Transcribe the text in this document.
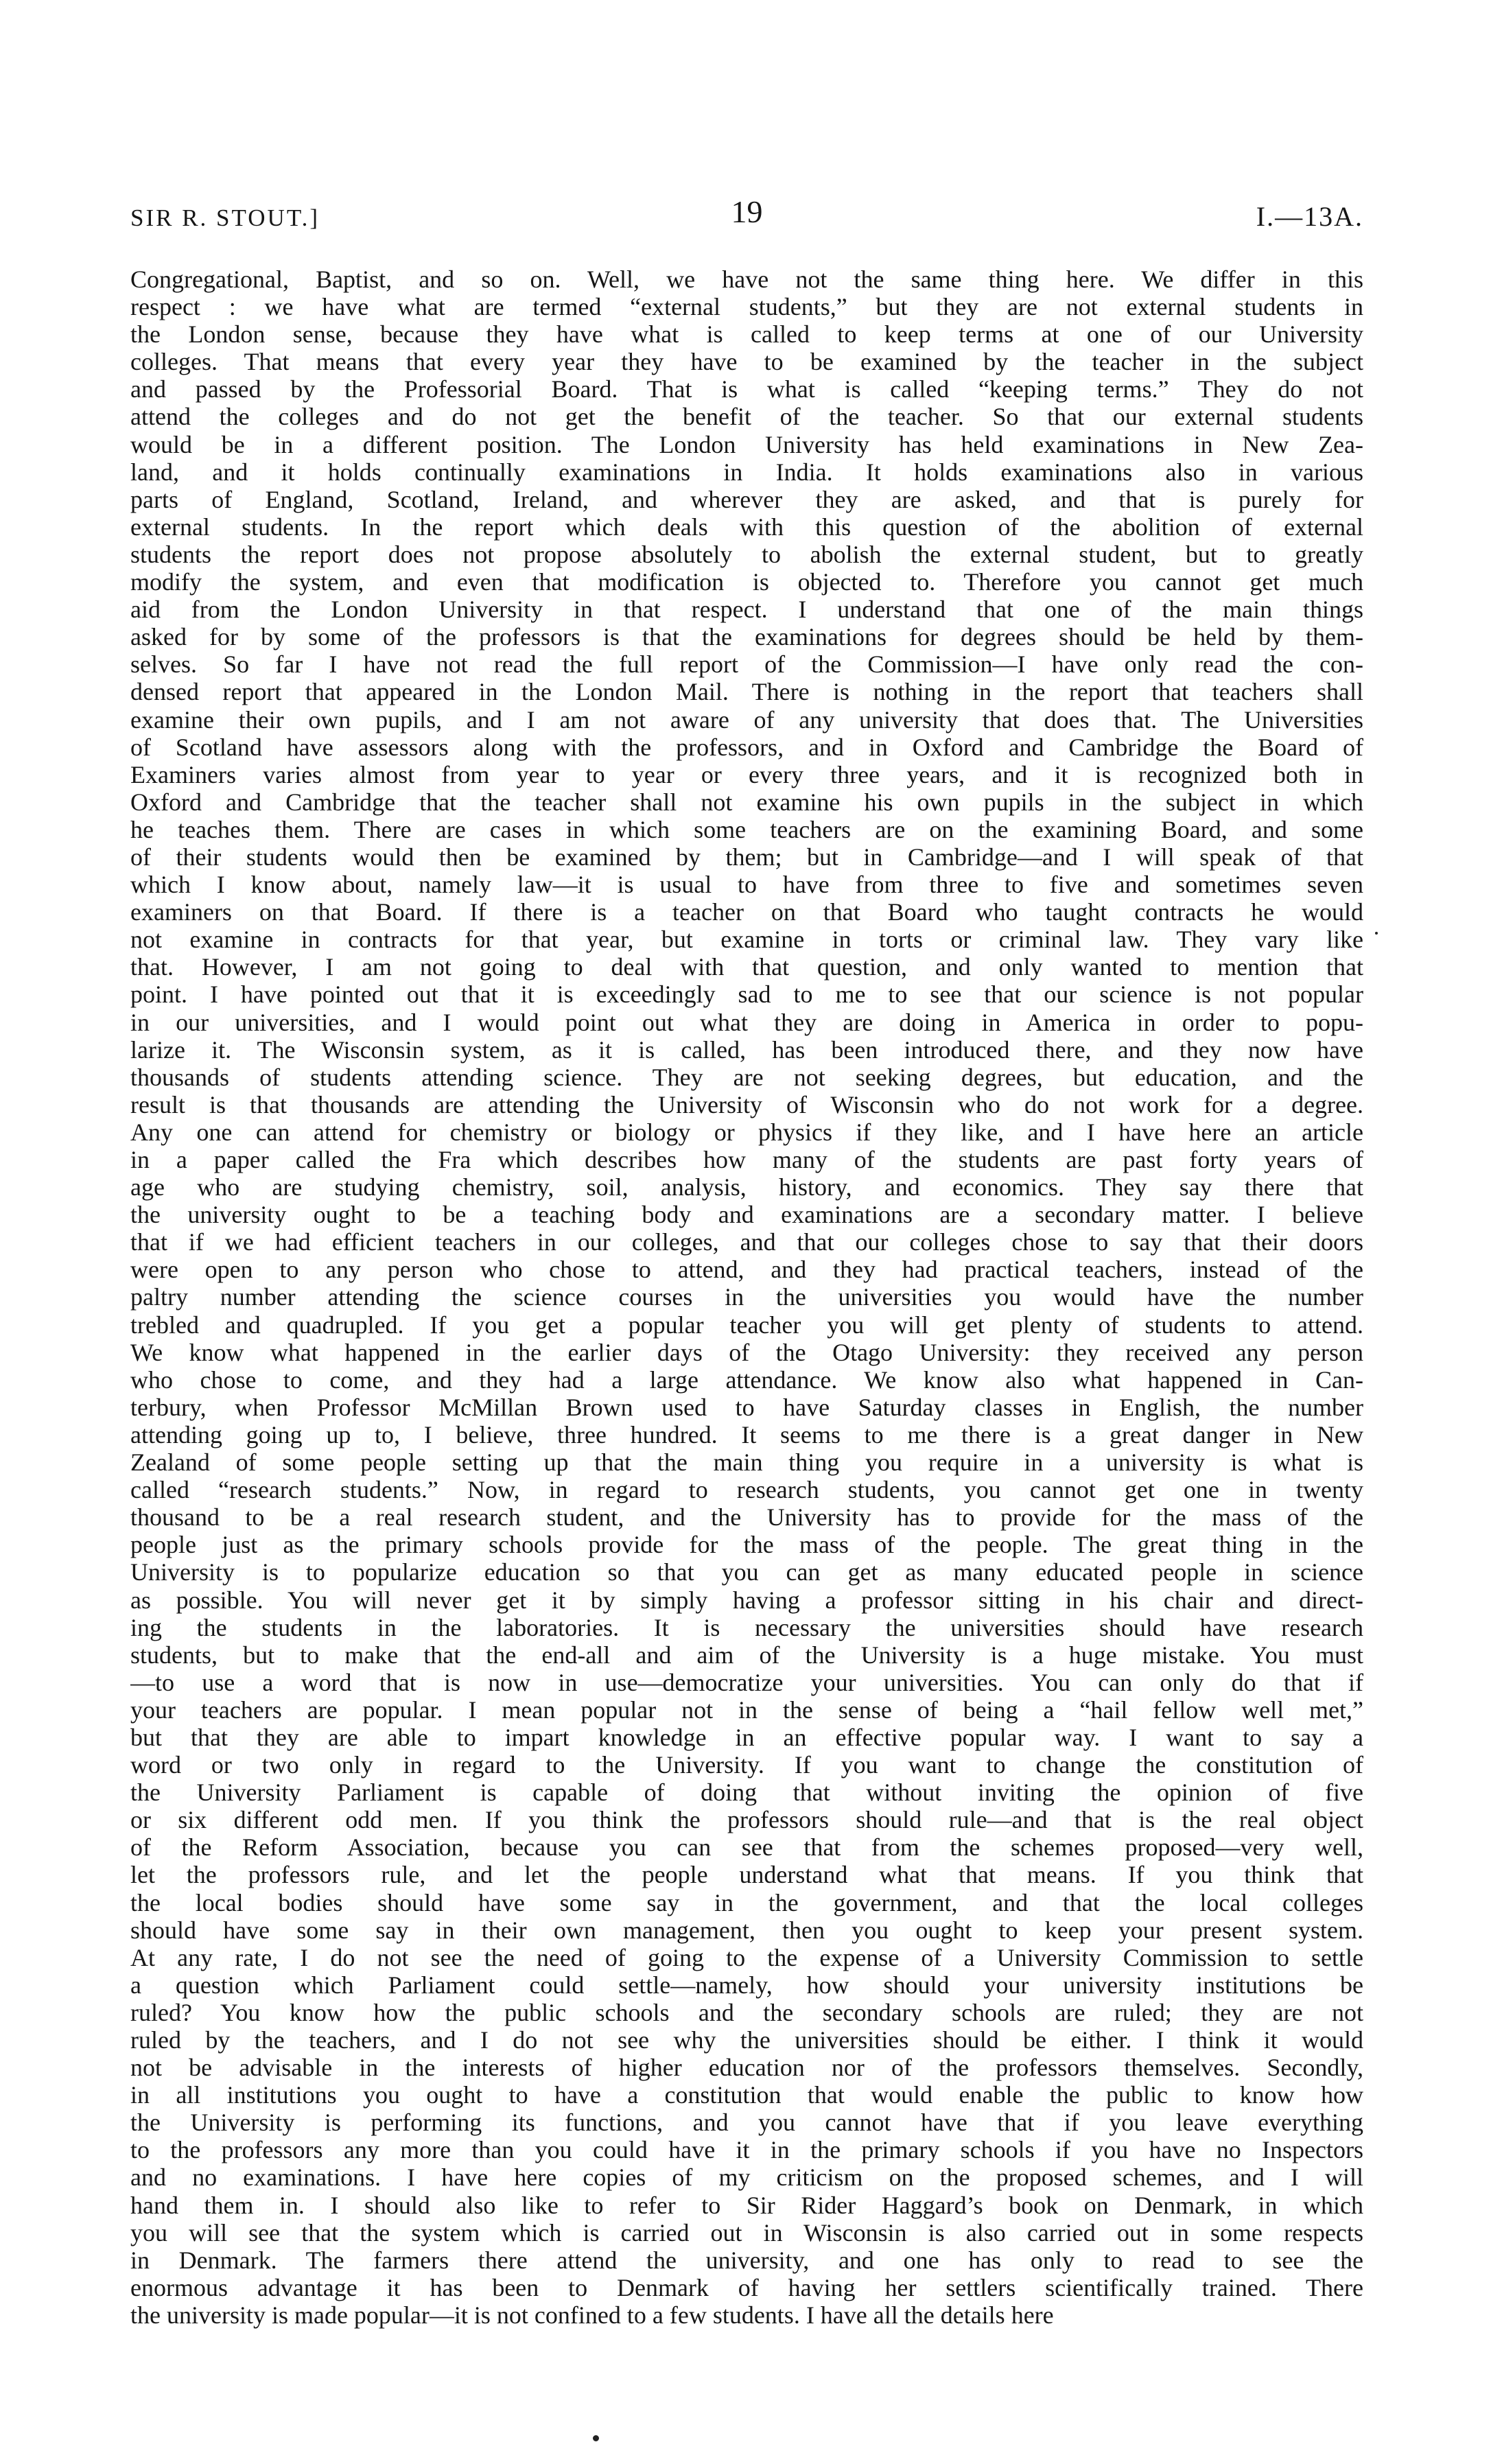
SIR R. STOUT.]	19	I.—13A.
Congregational, Baptist, and so on. Well, we have not the same thing here. We differ in this
respect : we have what are termed “external students,” but they are not external students in
the London sense, because they have what is called to keep terms at one of our University
colleges. That means that every year they have to be examined by the teacher in the subject
and passed by the Professorial Board. That is what is called “keeping terms.” They do not
attend the colleges and do not get the benefit of the teacher. So that our external students
would be in a different position. The London University has held examinations in New Zea-
land, and it holds continually examinations in India. It holds examinations also in various
parts of England, Scotland, Ireland, and wherever they are asked, and that is purely for
external students. In the report which deals with this question of the abolition of external
students the report does not propose absolutely to abolish the external student, but to greatly
modify the system, and even that modification is objected to. Therefore you cannot get much
aid from the London University in that respect. I understand that one of the main things
asked for by some of the professors is that the examinations for degrees should be held by them-
selves. So far I have not read the full report of the Commission—I have only read the con-
densed report that appeared in the London Mail. There is nothing in the report that teachers shall
examine their own pupils, and I am not aware of any university that does that. The Universities
of Scotland have assessors along with the professors, and in Oxford and Cambridge the Board of
Examiners varies almost from year to year or every three years, and it is recognized both in
Oxford and Cambridge that the teacher shall not examine his own pupils in the subject in which
he teaches them. There are cases in which some teachers are on the examining Board, and some
of their students would then be examined by them; but in Cambridge—and I will speak of that
which I know about, namely law—it is usual to have from three to five and sometimes seven
examiners on that Board. If there is a teacher on that Board who taught contracts he would
not examine in contracts for that year, but examine in torts or criminal law. They vary like
that. However, I am not going to deal with that question, and only wanted to mention that
point. I have pointed out that it is exceedingly sad to me to see that our science is not popular
in our universities, and I would point out what they are doing in America in order to popu-
larize it. The Wisconsin system, as it is called, has been introduced there, and they now have
thousands of students attending science. They are not seeking degrees, but education, and the
result is that thousands are attending the University of Wisconsin who do not work for a degree.
Any one can attend for chemistry or biology or physics if they like, and I have here an article
in a paper called the Fra which describes how many of the students are past forty years of
age who are studying chemistry, soil, analysis, history, and economics. They say there that
the university ought to be a teaching body and examinations are a secondary matter. I believe
that if we had efficient teachers in our colleges, and that our colleges chose to say that their doors
were open to any person who chose to attend, and they had practical teachers, instead of the
paltry number attending the science courses in the universities you would have the number
trebled and quadrupled. If you get a popular teacher you will get plenty of students to attend.
We know what happened in the earlier days of the Otago University: they received any person
who chose to come, and they had a large attendance. We know also what happened in Can-
terbury, when Professor McMillan Brown used to have Saturday classes in English, the number
attending going up to, I believe, three hundred. It seems to me there is a great danger in New
Zealand of some people setting up that the main thing you require in a university is what is
called “research students.” Now, in regard to research students, you cannot get one in twenty
thousand to be a real research student, and the University has to provide for the mass of the
people just as the primary schools provide for the mass of the people. The great thing in the
University is to popularize education so that you can get as many educated people in science
as possible. You will never get it by simply having a professor sitting in his chair and direct-
ing the students in the laboratories. It is necessary the universities should have research
students, but to make that the end-all and aim of the University is a huge mistake. You must
—to use a word that is now in use—democratize your universities. You can only do that if
your teachers are popular. I mean popular not in the sense of being a “hail fellow well met,”
but that they are able to impart knowledge in an effective popular way. I want to say a
word or two only in regard to the University. If you want to change the constitution of
the University Parliament is capable of doing that without inviting the opinion of five
or six different odd men. If you think the professors should rule—and that is the real object
of the Reform Association, because you can see that from the schemes proposed—very well,
let the professors rule, and let the people understand what that means. If you think that
the local bodies should have some say in the government, and that the local colleges
should have some say in their own management, then you ought to keep your present system.
At any rate, I do not see the need of going to the expense of a University Commission to settle
a question which Parliament could settle—namely, how should your university institutions be
ruled? You know how the public schools and the secondary schools are ruled; they are not
ruled by the teachers, and I do not see why the universities should be either. I think it would
not be advisable in the interests of higher education nor of the professors themselves. Secondly,
in all institutions you ought to have a constitution that would enable the public to know how
the University is performing its functions, and you cannot have that if you leave everything
to the professors any more than you could have it in the primary schools if you have no Inspectors
and no examinations. I have here copies of my criticism on the proposed schemes, and I will
hand them in. I should also like to refer to Sir Rider Haggard’s book on Denmark, in which
you will see that the system which is carried out in Wisconsin is also carried out in some respects
in Denmark. The farmers there attend the university, and one has only to read to see the
enormous advantage it has been to Denmark of having her settlers scientifically trained. There
the university is made popular—it is not confined to a few students. I have all the details here
